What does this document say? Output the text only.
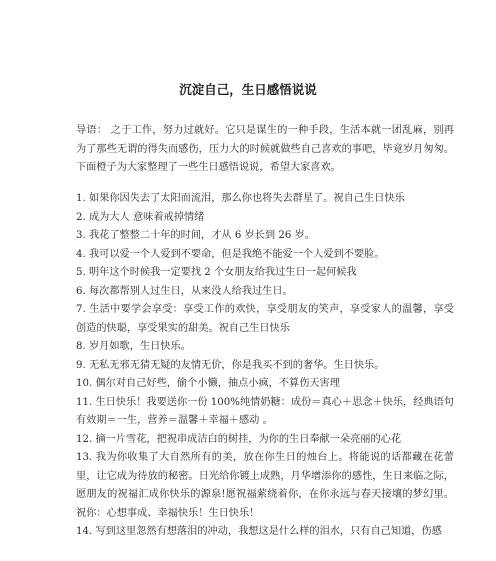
沉淀自己，生日感悟说说

导语： 之于工作，努力过就好。它只是谋生的一种手段，生活本就一团乱麻，别再为了那些无谓的得失而感伤，压力大的时候就做些自己喜欢的事吧，毕竟岁月匆匆。下面橙子为大家整理了一些生日感悟说说，希望大家喜欢。

1. 如果你因失去了太阳而流泪，那么你也将失去群星了。祝自己生日快乐
2. 成为大人 意味着戒掉情绪
3. 我花了整整二十年的时间，才从 6 岁长到 26 岁。
4. 我可以爱一个人爱到不要命，但是我绝不能爱一个人爱到不要脸。
5. 明年这个时候我一定要找 2 个女朋友给我过生日一起何候我
6. 每次都帮别人过生日，从来没人给我过生日。
7. 生活中要学会享受：享受工作的欢快，享受朋友的笑声，享受家人的温馨，享受创造的快聪，享受果实的甜美。祝自己生日快乐
8. 岁月如歌，生日快乐。
9. 无私无邪无猜无疑的友情无价，你是我买不到的奢华。生日快乐。
10. 偶尔对自己好些，偷个小懒，抽点小疯，不算伤天害理
11. 生日快乐！我要送你一份 100%纯情奶糖：成份＝真心＋思念＋快乐，经典语句有效期＝一生，营养＝温馨＋幸福＋感动 。
12. 摘一片雪花，把祝串成洁白的树挂，为你的生日奉献一朵亮丽的心花
13. 我为你收集了大自然所有的美，放在你生日的烛台上。将能说的话都藏在花蕾里，让它成为待放的秘密。日光给你镀上成熟，月华增添你的感性，生日来临之际，愿朋友的祝福汇成你快乐的源泉!愿祝福萦绕着你，在你永远与春天接壤的梦幻里。祝你：心想事成、幸福快乐！生日快乐！
14. 写到这里忽然有想落泪的冲动，我想这是什么样的泪水，只有自己知道，伤感
